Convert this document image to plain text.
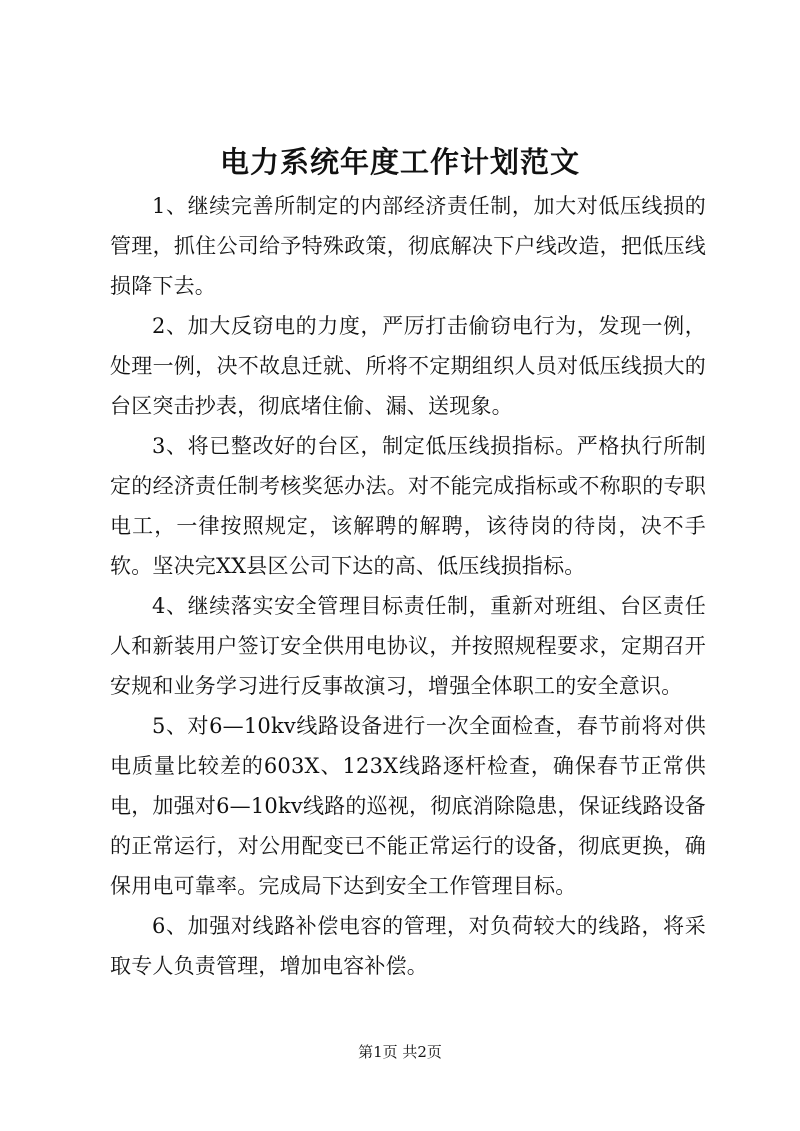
电力系统年度工作计划范文

1、继续完善所制定的内部经济责任制，加大对低压线损的管理，抓住公司给予特殊政策，彻底解决下户线改造，把低压线损降下去。

2、加大反窃电的力度，严厉打击偷窃电行为，发现一例，处理一例，决不故息迁就、所将不定期组织人员对低压线损大的台区突击抄表，彻底堵住偷、漏、送现象。

3、将已整改好的台区，制定低压线损指标。严格执行所制定的经济责任制考核奖惩办法。对不能完成指标或不称职的专职电工，一律按照规定，该解聘的解聘，该待岗的待岗，决不手软。坚决完XX县区公司下达的高、低压线损指标。

4、继续落实安全管理目标责任制，重新对班组、台区责任人和新装用户签订安全供用电协议，并按照规程要求，定期召开安规和业务学习进行反事故演习，增强全体职工的安全意识。

5、对6—10kv线路设备进行一次全面检查，春节前将对供电质量比较差的603X、123X线路逐杆检查，确保春节正常供电，加强对6—10kv线路的巡视，彻底消除隐患，保证线路设备的正常运行，对公用配变已不能正常运行的设备，彻底更换，确保用电可靠率。完成局下达到安全工作管理目标。

6、加强对线路补偿电容的管理，对负荷较大的线路，将采取专人负责管理，增加电容补偿。

第1页 共2页
